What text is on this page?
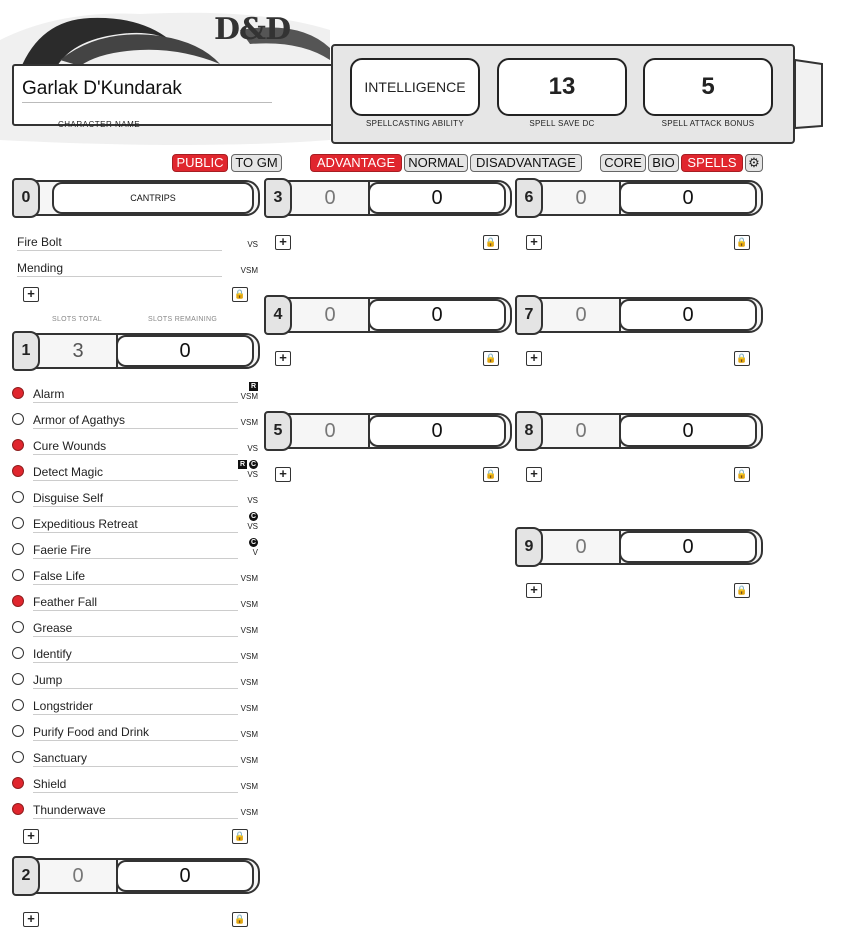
D&D
Garlak D'Kundarak
CHARACTER NAME
INTELLIGENCE
SPELLCASTING ABILITY
13
SPELL SAVE DC
5
SPELL ATTACK BONUS
PUBLIC TO GM	ADVANTAGE	NORMAL DISADVANTAGE	CORE BIO SPELLS ⚙
0	CANTRIPS
Fire Bolt	VS
Mending	VSM
+	🔒
SLOTS TOTAL	SLOTS REMAINING
1	3	0
Alarm	VSM
R
Armor of Agathys	VSM
Cure Wounds	VS
Detect Magic	VS
R C
Disguise Self	VS
Expeditious Retreat	VS
C
Faerie Fire	V
C
False Life	VSM
Feather Fall	VSM
Grease	VSM
Identify	VSM
Jump	VSM
Longstrider	VSM
Purify Food and Drink	VSM
Sanctuary	VSM
Shield	VSM
Thunderwave	VSM
+	🔒
2	0	0
+	🔒
3	0	0
+	🔒
4	0	0
+	🔒
5	0	0
+	🔒
6	0	0
+	🔒
7	0	0
+	🔒
8	0	0
+	🔒
9	0	0
+	🔒
